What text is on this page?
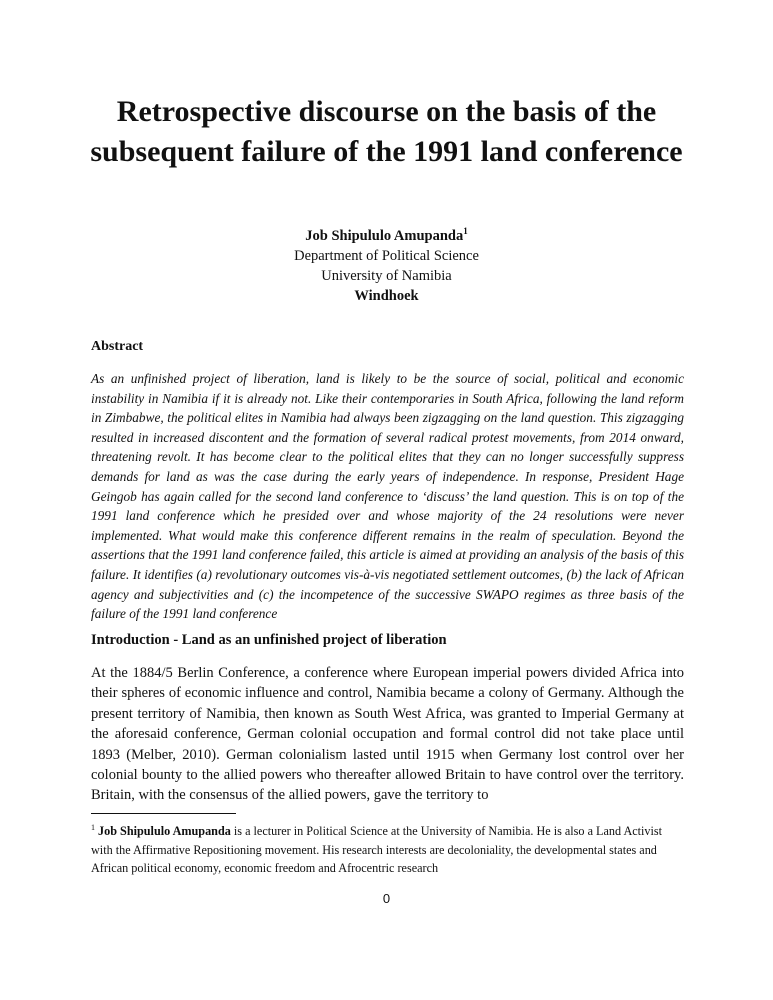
Retrospective discourse on the basis of the subsequent failure of the 1991 land conference
Job Shipululo Amupanda$^1$
Department of Political Science
University of Namibia
Windhoek
Abstract

As an unfinished project of liberation, land is likely to be the source of social, political and economic instability in Namibia if it is already not. Like their contemporaries in South Africa, following the land reform in Zimbabwe, the political elites in Namibia had always been zigzagging on the land question. This zigzagging resulted in increased discontent and the formation of several radical protest movements, from 2014 onward, threatening revolt. It has become clear to the political elites that they can no longer successfully suppress demands for land as was the case during the early years of independence. In response, President Hage Geingob has again called for the second land conference to ‘discuss’ the land question. This is on top of the 1991 land conference which he presided over and whose majority of the 24 resolutions were never implemented. What would make this conference different remains in the realm of speculation. Beyond the assertions that the 1991 land conference failed, this article is aimed at providing an analysis of the basis of this failure. It identifies (a) revolutionary outcomes vis-à-vis negotiated settlement outcomes, (b) the lack of African agency and subjectivities and (c) the incompetence of the successive SWAPO regimes as three basis of the failure of the 1991 land conference

Introduction - Land as an unfinished project of liberation

At the 1884/5 Berlin Conference, a conference where European imperial powers divided Africa into their spheres of economic influence and control, Namibia became a colony of Germany. Although the present territory of Namibia, then known as South West Africa, was granted to Imperial Germany at the aforesaid conference, German colonial occupation and formal control did not take place until 1893 (Melber, 2010). German colonialism lasted until 1915 when Germany lost control over her colonial bounty to the allied powers who thereafter allowed Britain to have control over the territory. Britain, with the consensus of the allied powers, gave the territory to

$^1$ Job Shipululo Amupanda is a lecturer in Political Science at the University of Namibia. He is also a Land Activist with the Affirmative Repositioning movement. His research interests are decoloniality, the developmental states and African political economy, economic freedom and Afrocentric research

0
